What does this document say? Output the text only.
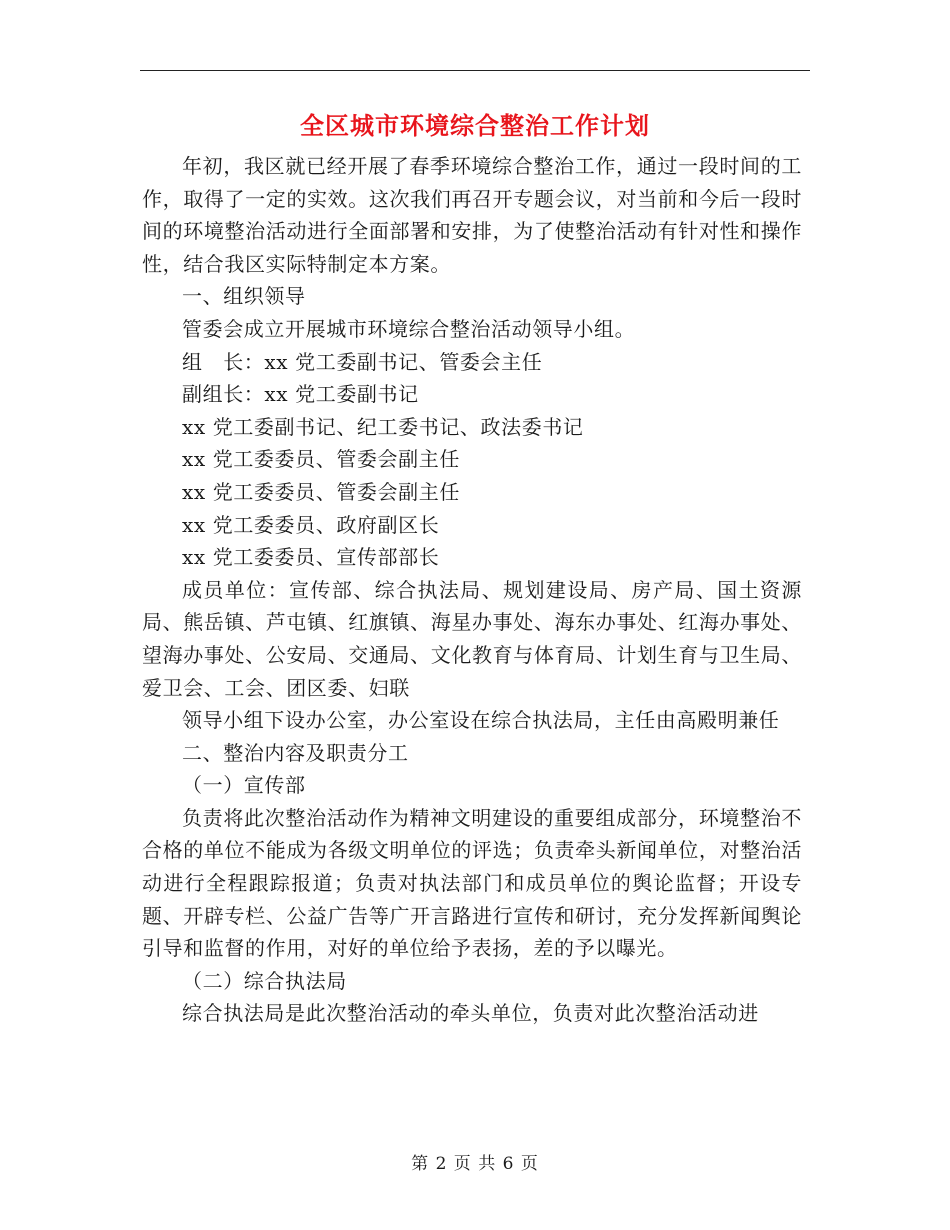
全区城市环境综合整治工作计划

年初，我区就已经开展了春季环境综合整治工作，通过一段时间的工作，取得了一定的实效。这次我们再召开专题会议，对当前和今后一段时间的环境整治活动进行全面部署和安排，为了使整治活动有针对性和操作性，结合我区实际特制定本方案。

一、组织领导

管委会成立开展城市环境综合整治活动领导小组。

组　长：xx 党工委副书记、管委会主任

副组长：xx 党工委副书记

xx 党工委副书记、纪工委书记、政法委书记

xx 党工委委员、管委会副主任

xx 党工委委员、管委会副主任

xx 党工委委员、政府副区长

xx 党工委委员、宣传部部长

成员单位：宣传部、综合执法局、规划建设局、房产局、国土资源局、熊岳镇、芦屯镇、红旗镇、海星办事处、海东办事处、红海办事处、望海办事处、公安局、交通局、文化教育与体育局、计划生育与卫生局、爱卫会、工会、团区委、妇联

领导小组下设办公室，办公室设在综合执法局，主任由高殿明兼任

二、整治内容及职责分工

（一）宣传部

负责将此次整治活动作为精神文明建设的重要组成部分，环境整治不合格的单位不能成为各级文明单位的评选；负责牵头新闻单位，对整治活动进行全程跟踪报道；负责对执法部门和成员单位的舆论监督；开设专题、开辟专栏、公益广告等广开言路进行宣传和研讨，充分发挥新闻舆论引导和监督的作用，对好的单位给予表扬，差的予以曝光。

（二）综合执法局

综合执法局是此次整治活动的牵头单位，负责对此次整治活动进

第 2 页 共 6 页
